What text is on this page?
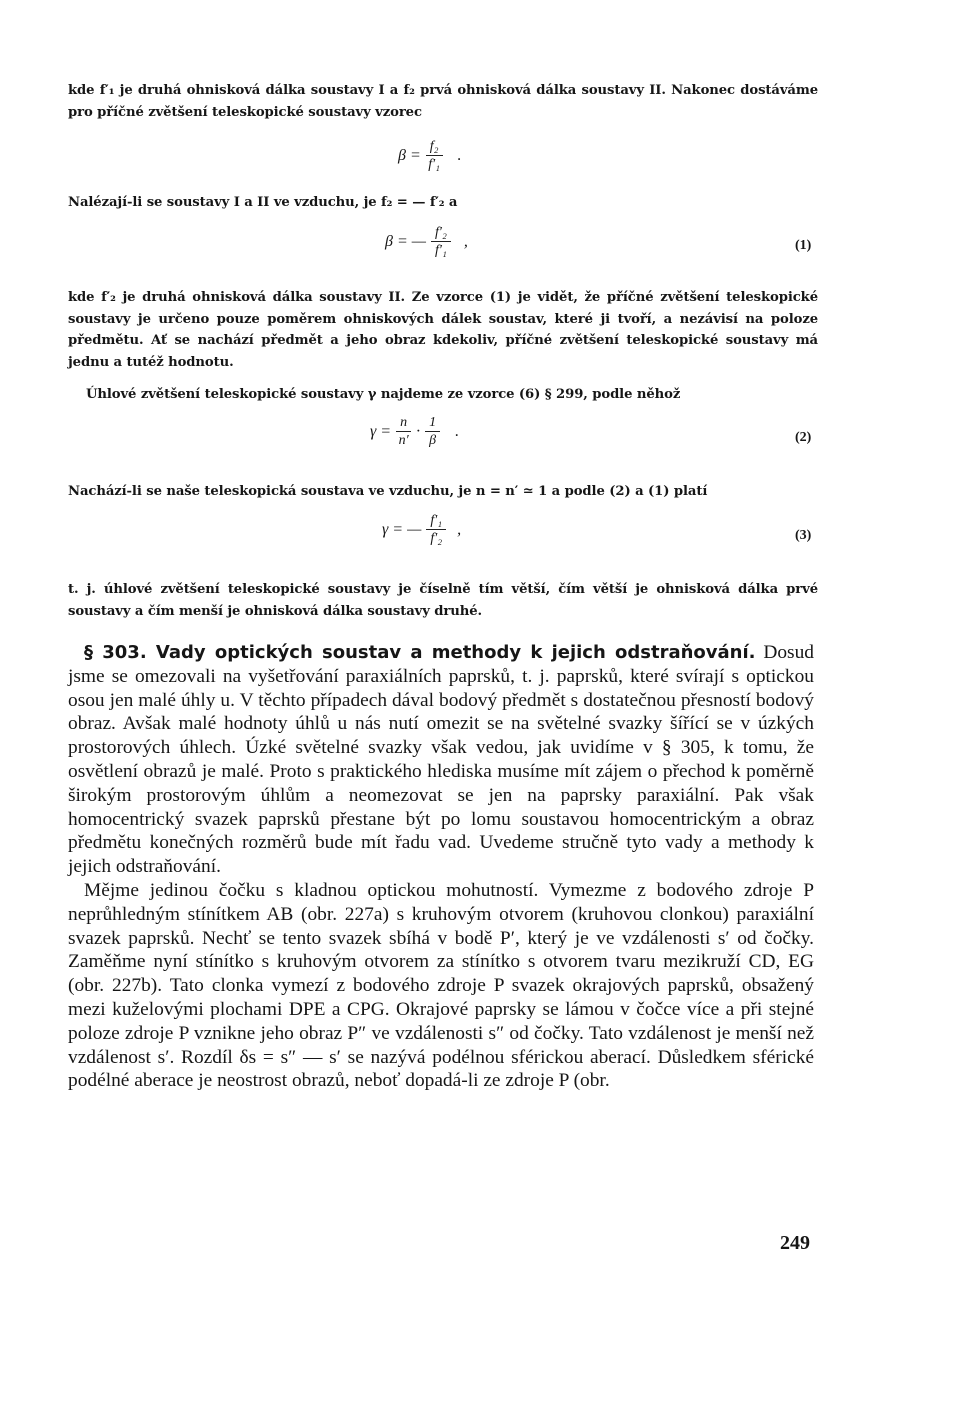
kde f′₁ je druhá ohnisková dálka soustavy I a f₂ prvá ohnisková dálka soustavy II. Nakonec dostáváme pro příčné zvětšení teleskopické soustavy vzorec
$\beta = \frac{\text{f₂}}{\text{f′₁}}$ .
Nalézají-li se soustavy I a II ve vzduchu, je f₂ = — f′₂ a
β = — $\frac{\text{f′₂}}{\text{f′₁}}$ ,	(1)
kde f′₂ je druhá ohnisková dálka soustavy II. Ze vzorce (1) je vidět, že příčné zvětšení teleskopické soustavy je určeno pouze poměrem ohniskových dálek soustav, které ji tvoří, a nezávisí na poloze předmětu. Ať se nachází předmět a jeho obraz kdekoliv, příčné zvětšení teleskopické soustavy má jednu a tutéž hodnotu.
Úhlové zvětšení teleskopické soustavy γ najdeme ze vzorce (6) § 299, podle něhož
$\gamma = \frac{n}{n'} \cdot \frac{1}{\beta}$ .	(2)
Nachází-li se naše teleskopická soustava ve vzduchu, je n = n′ ≃ 1 a podle (2) a (1) platí
γ = — $\frac{\text{f′₁}}{\text{f′₂}}$ ,	(3)
t. j. úhlové zvětšení teleskopické soustavy je číselně tím větší, čím větší je ohnisková dálka prvé soustavy a čím menší je ohnisková dálka soustavy druhé.

§ 303. Vady optických soustav a methody k jejich odstraňování. Dosud jsme se omezovali na vyšetřování paraxiálních paprsků, t. j. paprsků, které svírají s optickou osou jen malé úhly u. V těchto případech dával bodový předmět s dostatečnou přesností bodový obraz. Avšak malé hodnoty úhlů u nás nutí omezit se na světelné svazky šířící se v úzkých prostorových úhlech. Úzké světelné svazky však vedou, jak uvidíme v § 305, k tomu, že osvětlení obrazů je malé. Proto s praktického hlediska musíme mít zájem o přechod k poměrně širokým prostorovým úhlům a neomezovat se jen na paprsky paraxiální. Pak však homocentrický svazek paprsků přestane být po lomu soustavou homocentrickým a obraz předmětu konečných rozměrů bude mít řadu vad. Uvedeme stručně tyto vady a methody k jejich odstraňování.

Mějme jedinou čočku s kladnou optickou mohutností. Vymezme z bodového zdroje P neprůhledným stínítkem AB (obr. 227a) s kruhovým otvorem (kruhovou clonkou) paraxiální svazek paprsků. Nechť se tento svazek sbíhá v bodě P′, který je ve vzdálenosti s′ od čočky. Zaměňme nyní stínítko s kruhovým otvorem za stínítko s otvorem tvaru mezikruží CD, EG (obr. 227b). Tato clonka vymezí z bodového zdroje P svazek okrajových paprsků, obsažený mezi kuželovými plochami DPE a CPG. Okrajové paprsky se lámou v čočce více a při stejné poloze zdroje P vznikne jeho obraz P″ ve vzdálenosti s″ od čočky. Tato vzdálenost je menší než vzdálenost s′. Rozdíl δs = s″ — s′ se nazývá podélnou sférickou aberací. Důsledkem sférické podélné aberace je neostrost obrazů, neboť dopadá-li ze zdroje P (obr.

249
